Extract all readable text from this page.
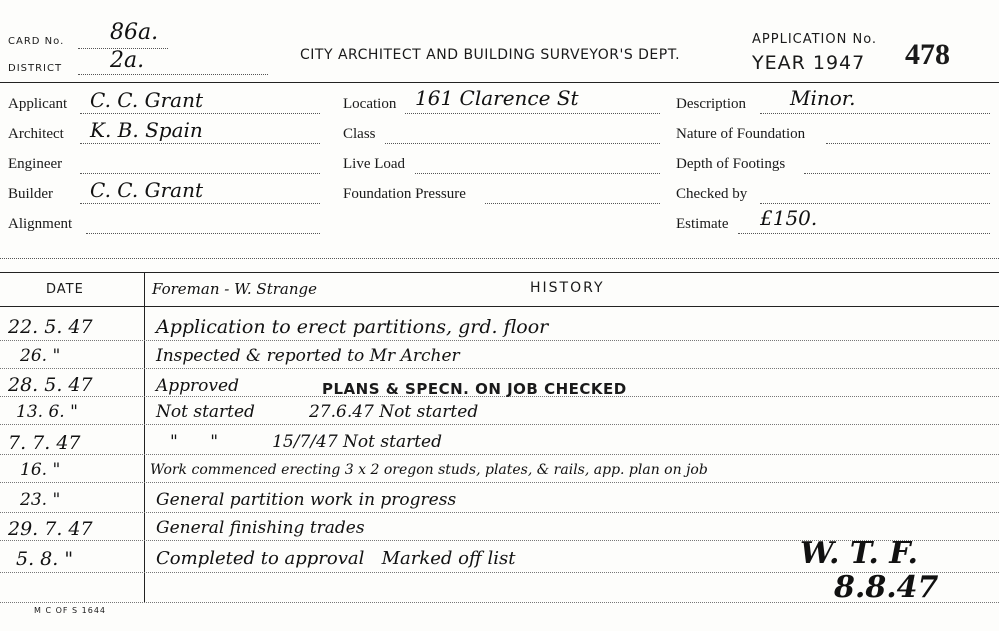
CARD No. 86a.
DISTRICT 2a.	CITY ARCHITECT AND BUILDING SURVEYOR'S DEPT.
APPLICATION No.
YEAR 1947 478
Applicant C. C. Grant
Architect K. B. Spain
Engineer
Builder C. C. Grant
Alignment
Location 161 Clarence St
Class
Live Load
Foundation Pressure
Description Minor.
Nature of Foundation
Depth of Footings
Checked by
Estimate £150.
DATE	Foreman - W. Strange	HISTORY
22. 5. 47	Application to erect partitions, grd. floor
26. "	Inspected & reported to Mr Archer
28. 5. 47	Approved	PLANS & SPECN. ON JOB CHECKED
13. 6. "	Not started          27.6.47 Not started
7. 7. 47	"      "          15/7/47 Not started
16. "	Work commenced erecting 3 x 2 oregon studs, plates, & rails, app. plan on job
23. "	General partition work in progress
29. 7. 47	General finishing trades
5. 8. "	Completed to approval   Marked off list	W. T. F.
8.8.47
M C OF S 1644
